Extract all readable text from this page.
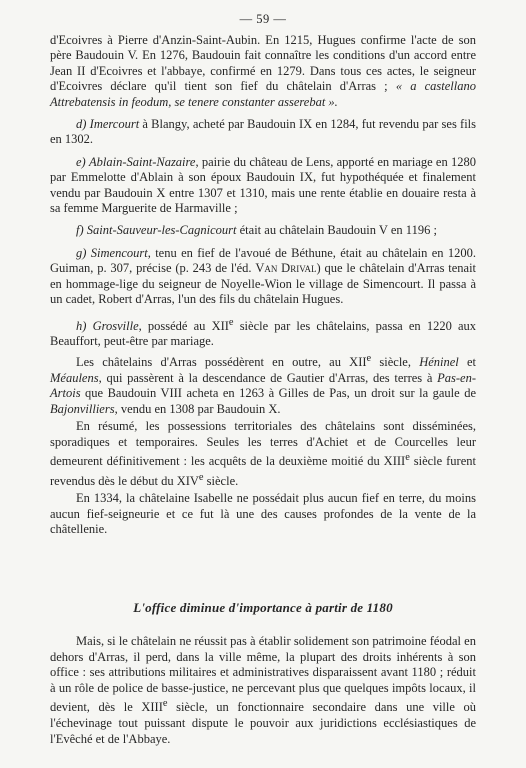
— 59 —

d'Ecoivres à Pierre d'Anzin-Saint-Aubin. En 1215, Hugues confirme l'acte de son père Baudouin V. En 1276, Baudouin fait connaître les conditions d'un accord entre Jean II d'Ecoivres et l'abbaye, confirmé en 1279. Dans tous ces actes, le seigneur d'Ecoivres déclare qu'il tient son fief du châtelain d'Arras ; « a castellano Attrebatensis in feodum, se tenere constanter asserebat ».

d) Imercourt à Blangy, acheté par Baudouin IX en 1284, fut revendu par ses fils en 1302.

e) Ablain-Saint-Nazaire, pairie du château de Lens, apporté en mariage en 1280 par Emmelotte d'Ablain à son époux Baudouin IX, fut hypothéquée et finalement vendu par Baudouin X entre 1307 et 1310, mais une rente établie en douaire resta à sa femme Marguerite de Harmaville ;

f) Saint-Sauveur-les-Cagnicourt était au châtelain Baudouin V en 1196 ;

g) Simencourt, tenu en fief de l'avoué de Béthune, était au châtelain en 1200. Guiman, p. 307, précise (p. 243 de l'éd. Van Drival) que le châtelain d'Arras tenait en hommage-lige du seigneur de Noyelle-Wion le village de Simencourt. Il passa à un cadet, Robert d'Arras, l'un des fils du châtelain Hugues.

h) Grosville, possédé au XIIe siècle par les châtelains, passa en 1220 aux Beauffort, peut-être par mariage.

Les châtelains d'Arras possédèrent en outre, au XIIe siècle, Héninel et Méaulens, qui passèrent à la descendance de Gautier d'Arras, des terres à Pas-en-Artois que Baudouin VIII acheta en 1263 à Gilles de Pas, un droit sur la gaule de Bajonvilliers, vendu en 1308 par Baudouin X.

En résumé, les possessions territoriales des châtelains sont disséminées, sporadiques et temporaires. Seules les terres d'Achiet et de Courcelles leur demeurent définitivement : les acquêts de la deuxième moitié du XIIIe siècle furent revendus dès le début du XIVe siècle.

En 1334, la châtelaine Isabelle ne possédait plus aucun fief en terre, du moins aucun fief-seigneurie et ce fut là une des causes profondes de la vente de la châtellenie.

L'office diminue d'importance à partir de 1180

Mais, si le châtelain ne réussit pas à établir solidement son patrimoine féodal en dehors d'Arras, il perd, dans la ville même, la plupart des droits inhérents à son office : ses attributions militaires et administratives disparaissent avant 1180 ; réduit à un rôle de police de basse-justice, ne percevant plus que quelques impôts locaux, il devient, dès le XIIIe siècle, un fonctionnaire secondaire dans une ville où l'échevinage tout puissant dispute le pouvoir aux juridictions ecclésiastiques de l'Evêché et de l'Abbaye.
